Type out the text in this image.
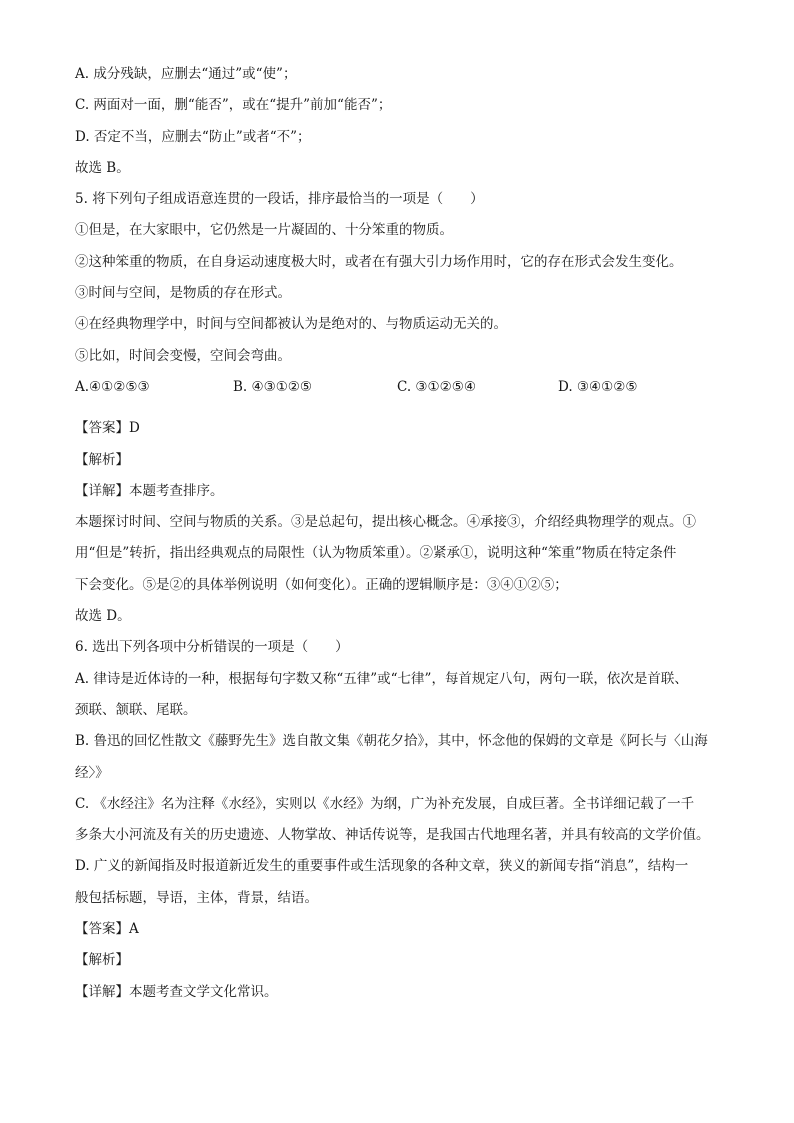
A. 成分残缺，应删去“通过”或“使”；
C. 两面对一面，删“能否”，或在“提升”前加“能否”；
D. 否定不当，应删去“防止”或者“不”；
故选 B。
5. 将下列句子组成语意连贯的一段话，排序最恰当的一项是（　　）
①但是，在大家眼中，它仍然是一片凝固的、十分笨重的物质。
②这种笨重的物质，在自身运动速度极大时，或者在有强大引力场作用时，它的存在形式会发生变化。
③时间与空间，是物质的存在形式。
④在经典物理学中，时间与空间都被认为是绝对的、与物质运动无关的。
⑤比如，时间会变慢，空间会弯曲。
A.④①②⑤③	B. ④③①②⑤	C. ③①②⑤④	D. ③④①②⑤
【答案】D
【解析】
【详解】本题考查排序。
本题探讨时间、空间与物质的关系。③是总起句，提出核心概念。④承接③，介绍经典物理学的观点。①
用“但是”转折，指出经典观点的局限性（认为物质笨重）。②紧承①，说明这种“笨重”物质在特定条件
下会变化。⑤是②的具体举例说明（如何变化）。正确的逻辑顺序是：③④①②⑤；
故选 D。
6. 选出下列各项中分析错误的一项是（　　）
A. 律诗是近体诗的一种，根据每句字数又称“五律”或“七律”，每首规定八句，两句一联，依次是首联、
颈联、颔联、尾联。
B. 鲁迅的回忆性散文《藤野先生》选自散文集《朝花夕拾》，其中，怀念他的保姆的文章是《阿长与〈山海
经〉》
C. 《水经注》名为注释《水经》，实则以《水经》为纲，广为补充发展，自成巨著。全书详细记载了一千
多条大小河流及有关的历史遗迹、人物掌故、神话传说等，是我国古代地理名著，并具有较高的文学价值。
D. 广义的新闻指及时报道新近发生的重要事件或生活现象的各种文章，狭义的新闻专指“消息”，结构一
般包括标题，导语，主体，背景，结语。
【答案】A
【解析】
【详解】本题考查文学文化常识。
